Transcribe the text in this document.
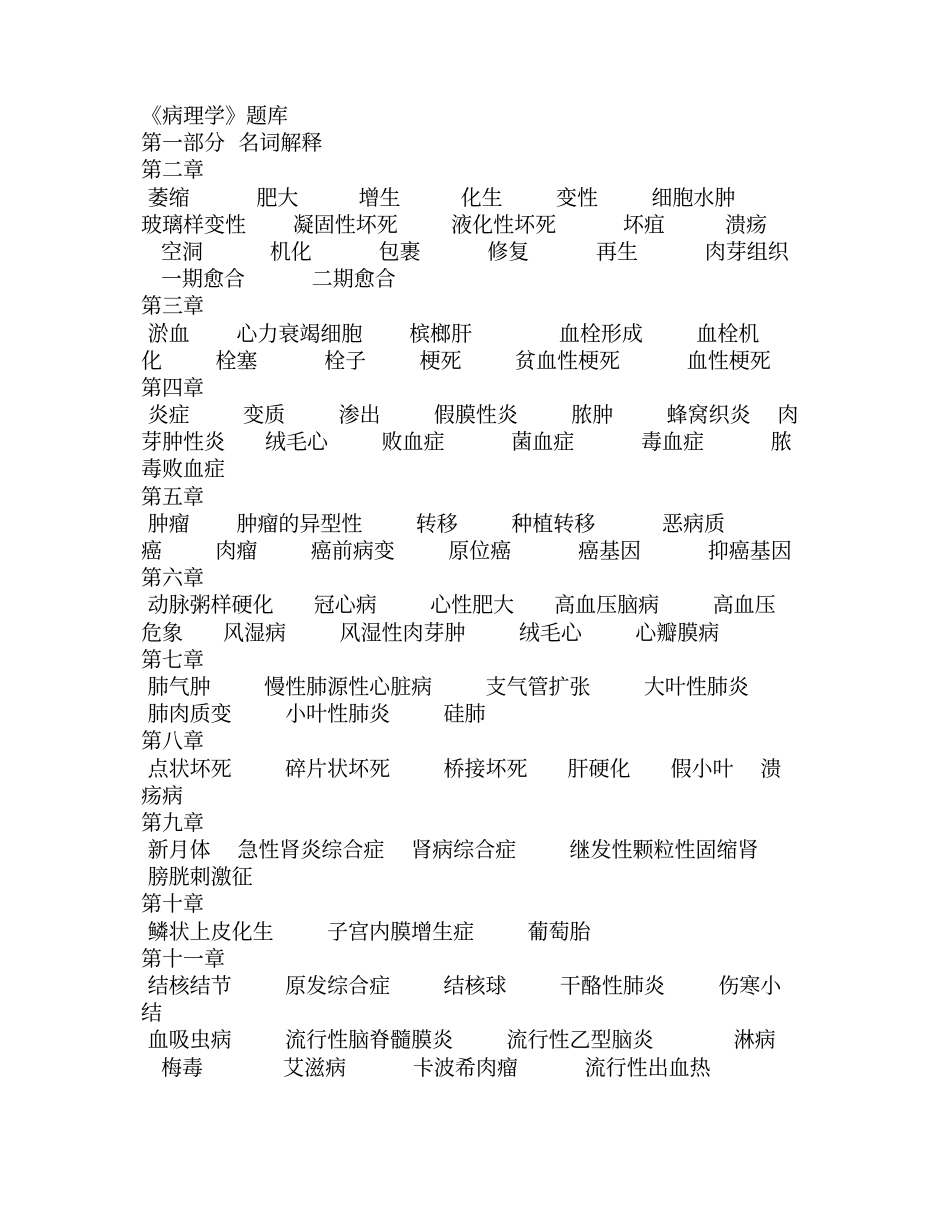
《病理学》题库
第一部分  名词解释
第二章
萎缩          肥大         增生         化生        变性        细胞水肿
玻璃样变性       凝固性坏死        液化性坏死          坏疽         溃疡
空洞          机化          包裹          修复          再生          肉芽组织
一期愈合          二期愈合
第三章
淤血       心力衰竭细胞       槟榔肝             血栓形成        血栓机
化        栓塞          栓子        梗死        贫血性梗死          血性梗死
第四章
炎症        变质        渗出        假膜性炎        脓肿        蜂窝织炎    肉
芽肿性炎      绒毛心        败血症          菌血症          毒血症          脓
毒败血症
第五章
肿瘤       肿瘤的异型性        转移        种植转移          恶病质
癌        肉瘤        癌前病变        原位癌          癌基因          抑癌基因
第六章
动脉粥样硬化      冠心病        心性肥大      高血压脑病        高血压
危象      风湿病        风湿性肉芽肿        绒毛心        心瓣膜病
第七章
肺气肿        慢性肺源性心脏病        支气管扩张        大叶性肺炎
肺肉质变        小叶性肺炎        硅肺
第八章
点状坏死        碎片状坏死        桥接坏死      肝硬化      假小叶    溃
疡病
第九章
新月体    急性肾炎综合症    肾病综合症        继发性颗粒性固缩肾
膀胱刺激征
第十章
鳞状上皮化生        子宫内膜增生症        葡萄胎
第十一章
结核结节        原发综合症        结核球        干酪性肺炎        伤寒小
结
血吸虫病        流行性脑脊髓膜炎        流行性乙型脑炎            淋病
梅毒            艾滋病          卡波希肉瘤          流行性出血热
